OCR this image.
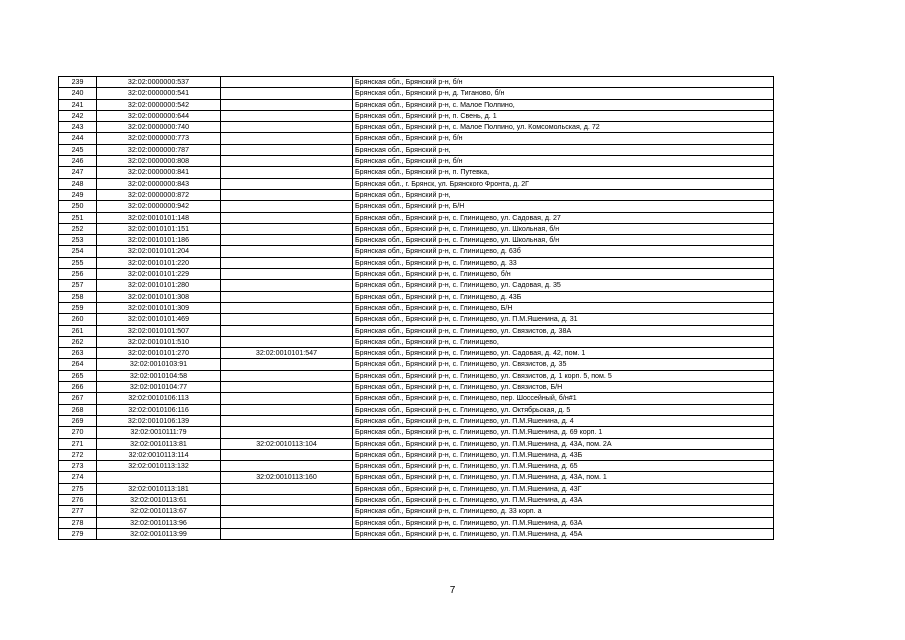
239	32:02:0000000:537		Брянская обл., Брянский р-н, б/н
240	32:02:0000000:541		Брянская обл., Брянский р-н, д. Тиганово, б/н
241	32:02:0000000:542		Брянская обл., Брянский р-н, с. Малое Полпино,
242	32:02:0000000:644		Брянская обл., Брянский р-н, п. Свень, д. 1
243	32:02:0000000:740		Брянская обл., Брянский р-н, с. Малое Полпино, ул. Комсомольская, д. 72
244	32:02:0000000:773		Брянская обл., Брянский р-н, б/н
245	32:02:0000000:787		Брянская обл., Брянский р-н,
246	32:02:0000000:808		Брянская обл., Брянский р-н, б/н
247	32:02:0000000:841		Брянская обл., Брянский р-н, п. Путевка,
248	32:02:0000000:843		Брянская обл., г. Брянск, ул. Брянского Фронта, д. 2Г
249	32:02:0000000:872		Брянская обл., Брянский р-н,
250	32:02:0000000:942		Брянская обл., Брянский р-н, Б/Н
251	32:02:0010101:148		Брянская обл., Брянский р-н, с. Глинищево, ул. Садовая, д. 27
252	32:02:0010101:151		Брянская обл., Брянский р-н, с. Глинищево, ул. Школьная, б/н
253	32:02:0010101:186		Брянская обл., Брянский р-н, с. Глинищево, ул. Школьная, б/н
254	32:02:0010101:204		Брянская обл., Брянский р-н, с. Глинищево, д. 63б
255	32:02:0010101:220		Брянская обл., Брянский р-н, с. Глинищево, д. 33
256	32:02:0010101:229		Брянская обл., Брянский р-н, с. Глинищево, б/н
257	32:02:0010101:280		Брянская обл., Брянский р-н, с. Глинищево, ул. Садовая, д. 35
258	32:02:0010101:308		Брянская обл., Брянский р-н, с. Глинищево, д. 43Б
259	32:02:0010101:309		Брянская обл., Брянский р-н, с. Глинищево, Б/Н
260	32:02:0010101:469		Брянская обл., Брянский р-н, с. Глинищево, ул. П.М.Яшенина, д. 31
261	32:02:0010101:507		Брянская обл., Брянский р-н, с. Глинищево, ул. Связистов, д. 38А
262	32:02:0010101:510		Брянская обл., Брянский р-н, с. Глинищево,
263	32:02:0010101:270	32:02:0010101:547	Брянская обл., Брянский р-н, с. Глинищево, ул. Садовая, д. 42, пом. 1
264	32:02:0010103:91		Брянская обл., Брянский р-н, с. Глинищево, ул. Связистов, д. 35
265	32:02:0010104:58		Брянская обл., Брянский р-н, с. Глинищево, ул. Связистов, д. 1 корп. 5, пом. 5
266	32:02:0010104:77		Брянская обл., Брянский р-н, с. Глинищево, ул. Связистов, Б/Н
267	32:02:0010106:113		Брянская обл., Брянский р-н, с. Глинищево, пер. Шоссейный, б/н#1
268	32:02:0010106:116		Брянская обл., Брянский р-н, с. Глинищево, ул. Октябрьская, д. 5
269	32:02:0010106:139		Брянская обл., Брянский р-н, с. Глинищево, ул. П.М.Яшенина, д. 4
270	32:02:0010111:79		Брянская обл., Брянский р-н, с. Глинищево, ул. П.М.Яшенина, д. 69 корп. 1
271	32:02:0010113:81	32:02:0010113:104	Брянская обл., Брянский р-н, с. Глинищево, ул. П.М.Яшенина, д. 43А, пом. 2А
272	32:02:0010113:114		Брянская обл., Брянский р-н, с. Глинищево, ул. П.М.Яшенина, д. 43Б
273	32:02:0010113:132		Брянская обл., Брянский р-н, с. Глинищево, ул. П.М.Яшенина, д. 65
274		32:02:0010113:160	Брянская обл., Брянский р-н, с. Глинищево, ул. П.М.Яшенина, д. 43А, пом. 1
275	32:02:0010113:181		Брянская обл., Брянский р-н, с. Глинищево, ул. П.М.Яшенина, д. 43Г
276	32:02:0010113:61		Брянская обл., Брянский р-н, с. Глинищево, ул. П.М.Яшенина, д. 43А
277	32:02:0010113:67		Брянская обл., Брянский р-н, с. Глинищево, д. 33 корп. а
278	32:02:0010113:96		Брянская обл., Брянский р-н, с. Глинищево, ул. П.М.Яшенина, д. 63А
279	32:02:0010113:99		Брянская обл., Брянский р-н, с. Глинищево, ул. П.М.Яшенина, д. 45А
7
